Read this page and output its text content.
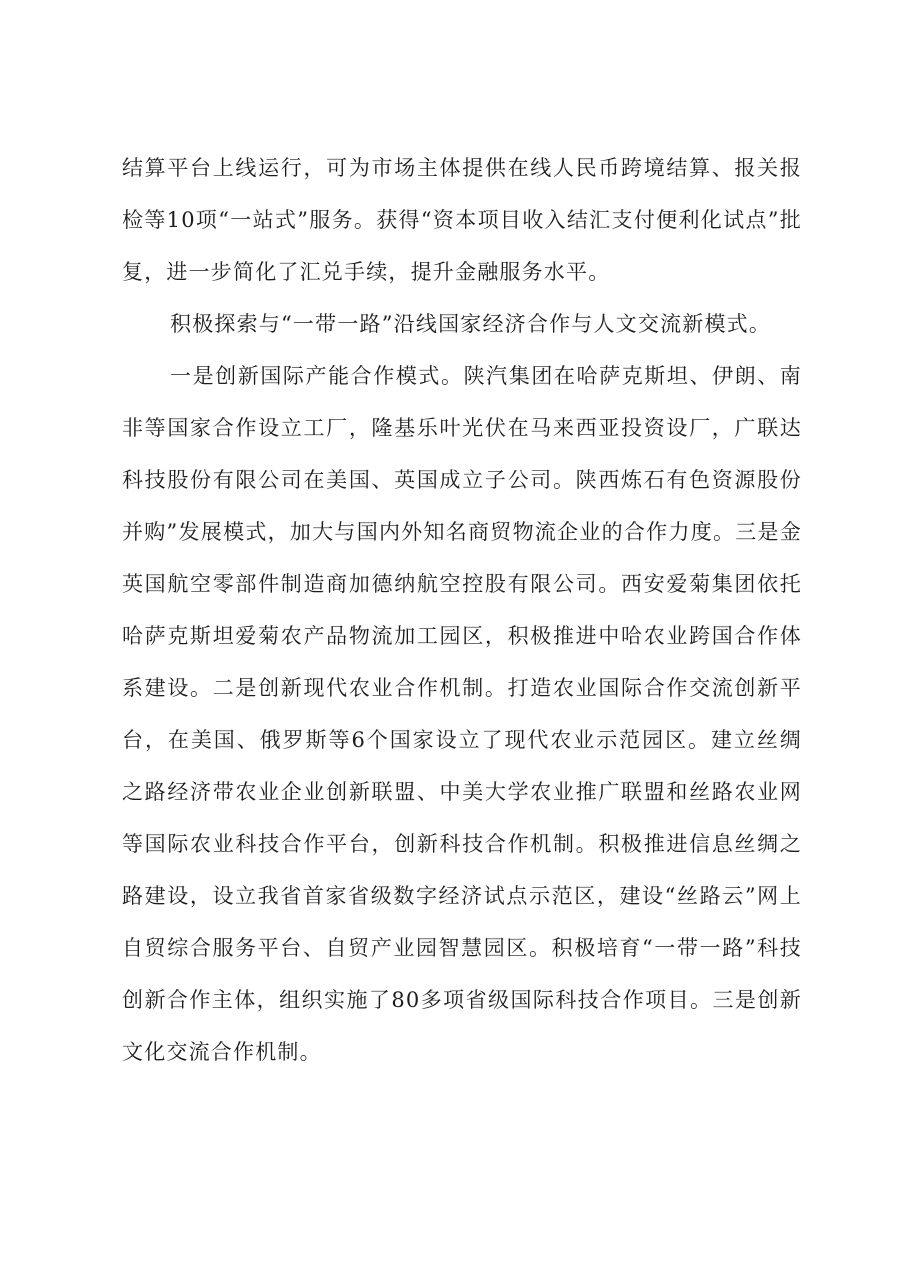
结算平台上线运行，可为市场主体提供在线人民币跨境结算、报关报检等10项“一站式”服务。获得“资本项目收入结汇支付便利化试点”批复，进一步简化了汇兑手续，提升金融服务水平。

积极探索与“一带一路”沿线国家经济合作与人文交流新模式。

一是创新国际产能合作模式。陕汽集团在哈萨克斯坦、伊朗、南非等国家合作设立工厂，隆基乐叶光伏在马来西亚投资设厂，广联达科技股份有限公司在美国、英国成立子公司。陕西炼石有色资源股份并购”发展模式，加大与国内外知名商贸物流企业的合作力度。三是金英国航空零部件制造商加德纳航空控股有限公司。西安爱菊集团依托哈萨克斯坦爱菊农产品物流加工园区，积极推进中哈农业跨国合作体系建设。二是创新现代农业合作机制。打造农业国际合作交流创新平台，在美国、俄罗斯等6个国家设立了现代农业示范园区。建立丝绸之路经济带农业企业创新联盟、中美大学农业推广联盟和丝路农业网等国际农业科技合作平台，创新科技合作机制。积极推进信息丝绸之路建设，设立我省首家省级数字经济试点示范区，建设“丝路云”网上自贸综合服务平台、自贸产业园智慧园区。积极培育“一带一路”科技创新合作主体，组织实施了80多项省级国际科技合作项目。三是创新文化交流合作机制。
